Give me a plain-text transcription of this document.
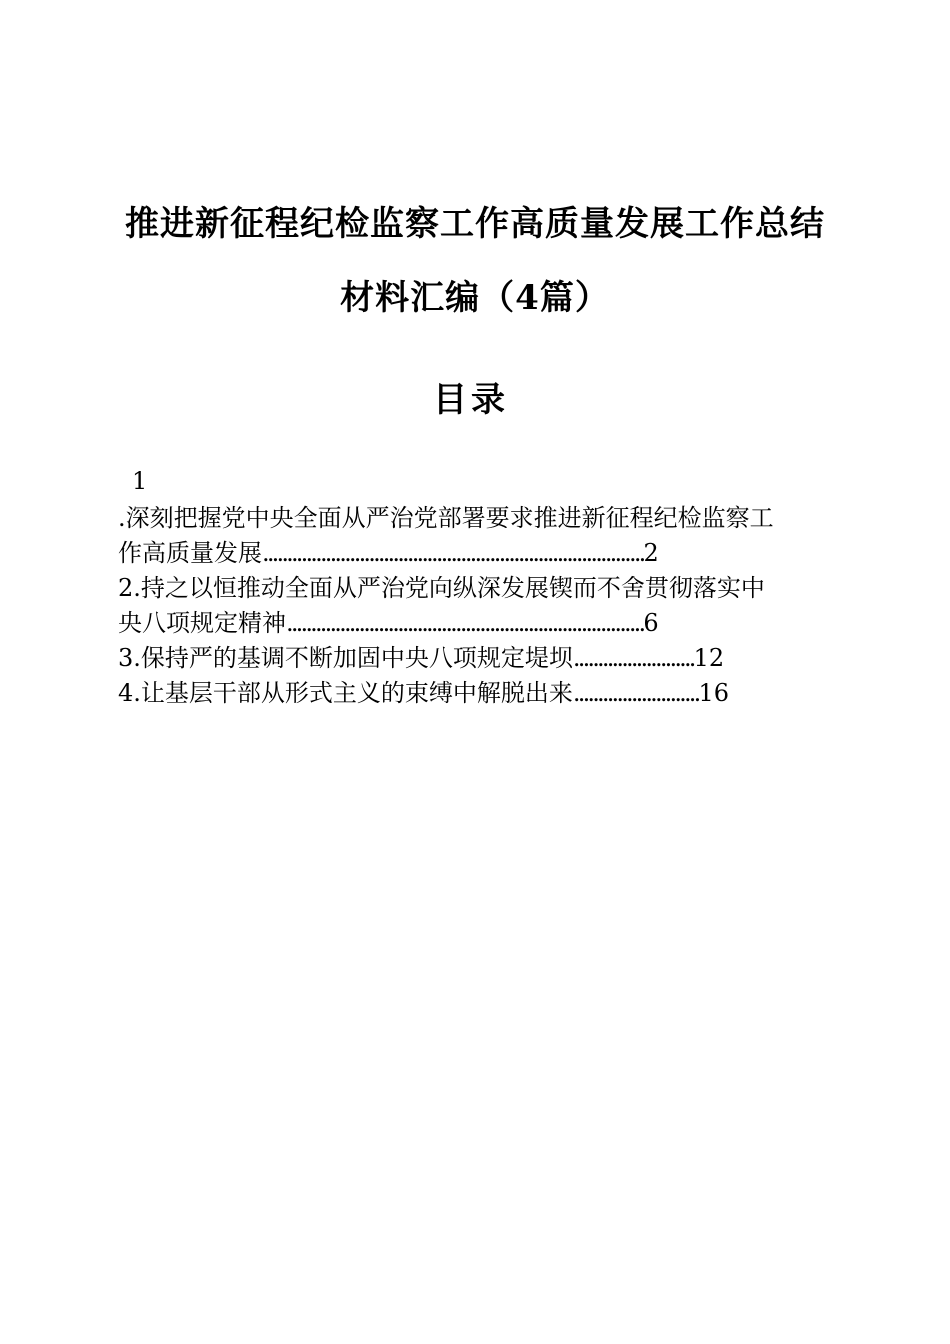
推进新征程纪检监察工作高质量发展工作总结
材料汇编（4篇）
目录
1
.深刻把握党中央全面从严治党部署要求推进新征程纪检监察工
作高质量发展...............................................................................2
2.持之以恒推动全面从严治党向纵深发展锲而不舍贯彻落实中
央八项规定精神..........................................................................6
3.保持严的基调不断加固中央八项规定堤坝.........................12
4.让基层干部从形式主义的束缚中解脱出来..........................16
